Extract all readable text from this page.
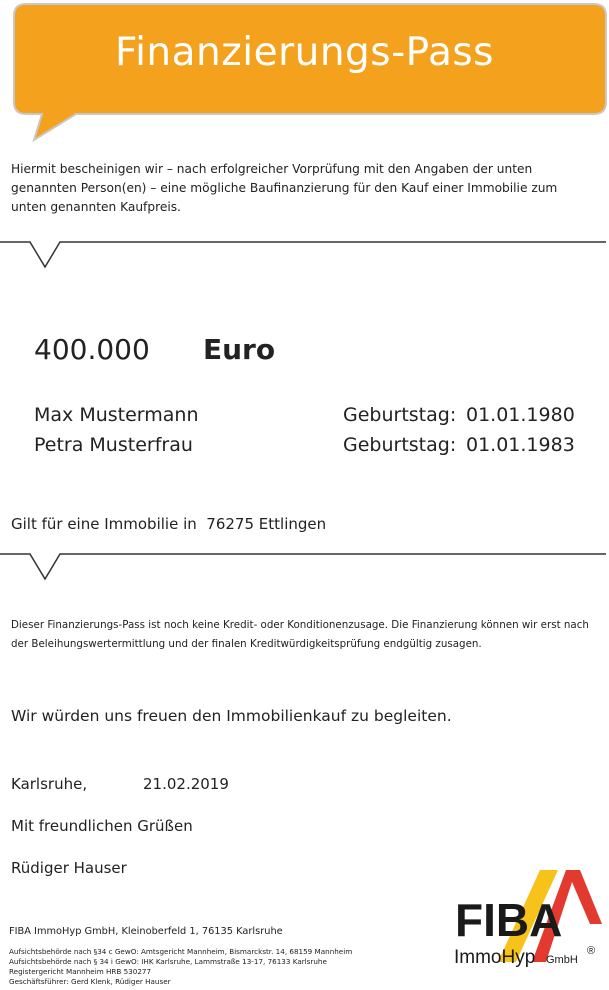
Finanzierungs-Pass
Hiermit bescheinigen wir – nach erfolgreicher Vorprüfung mit den Angaben der unten genannten Person(en) – eine mögliche Baufinanzierung für den Kauf einer Immobilie zum unten genannten Kaufpreis.
400.000 Euro
Max Mustermann	Geburtstag: 01.01.1980
Petra Musterfrau	Geburtstag: 01.01.1983
Gilt für eine Immobilie in 76275 Ettlingen
Dieser Finanzierungs-Pass ist noch keine Kredit- oder Konditionenzusage. Die Finanzierung können wir erst nach der Beleihungswertermittlung und der finalen Kreditwürdigkeitsprüfung endgültig zusagen.
Wir würden uns freuen den Immobilienkauf zu begleiten.
Karlsruhe,	21.02.2019
Mit freundlichen Grüßen
Rüdiger Hauser
FIBA ImmoHyp GmbH, Kleinoberfeld 1, 76135 Karlsruhe
Aufsichtsbehörde nach §34 c GewO: Amtsgericht Mannheim, Bismarckstr. 14, 68159 Mannheim
Aufsichtsbehörde nach § 34 i GewO: IHK Karlsruhe, Lammstraße 13-17, 76133 Karlsruhe
Registergericht Mannheim HRB 530277
Geschäftsführer: Gerd Klenk, Rüdiger Hauser
FIBA
ImmoHyp GmbH
®
